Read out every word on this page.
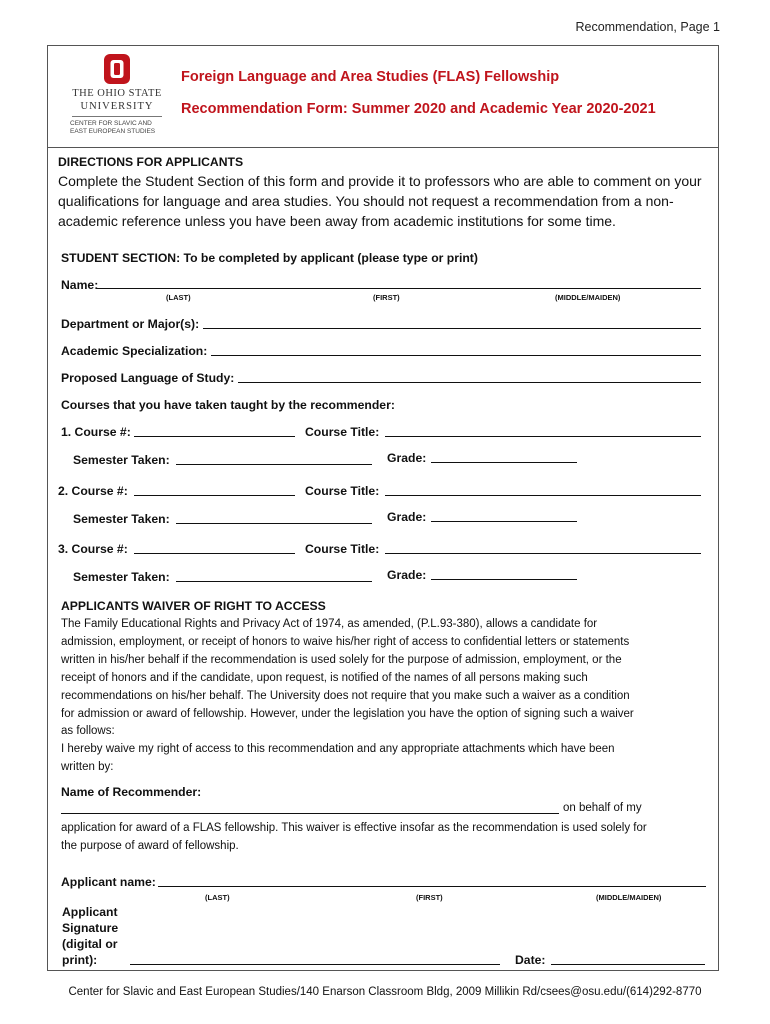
Recommendation, Page 1
THE OHIO STATE
UNIVERSITY
CENTER FOR SLAVIC AND
EAST EUROPEAN STUDIES
Foreign Language and Area Studies (FLAS) Fellowship
Recommendation Form: Summer 2020 and Academic Year 2020-2021
DIRECTIONS FOR APPLICANTS
Complete the Student Section of this form and provide it to professors who are able to comment on your
qualifications for language and area studies. You should not request a recommendation from a non-
academic reference unless you have been away from academic institutions for some time.
STUDENT SECTION: To be completed by applicant (please type or print)
Name:
(LAST)	(FIRST)	(MIDDLE/MAIDEN)
Department or Major(s):
Academic Specialization:
Proposed Language of Study:
Courses that you have taken taught by the recommender:
1. Course #:	Course Title:
Semester Taken:	Grade:
2. Course #:	Course Title:
Semester Taken:	Grade:
3. Course #:	Course Title:
Semester Taken:	Grade:
APPLICANTS WAIVER OF RIGHT TO ACCESS
The Family Educational Rights and Privacy Act of 1974, as amended, (P.L.93-380), allows a candidate for
admission, employment, or receipt of honors to waive his/her right of access to confidential letters or statements
written in his/her behalf if the recommendation is used solely for the purpose of admission, employment, or the
receipt of honors and if the candidate, upon request, is notified of the names of all persons making such
recommendations on his/her behalf. The University does not require that you make such a waiver as a condition
for admission or award of fellowship. However, under the legislation you have the option of signing such a waiver
as follows:
I hereby waive my right of access to this recommendation and any appropriate attachments which have been
written by:
Name of Recommender:
on behalf of my
application for award of a FLAS fellowship. This waiver is effective insofar as the recommendation is used solely for
the purpose of award of fellowship.
Applicant name:
(LAST)	(FIRST)	(MIDDLE/MAIDEN)
Applicant
Signature
(digital or
print):	Date:
Center for Slavic and East European Studies/140 Enarson Classroom Bldg, 2009 Millikin Rd/csees@osu.edu/(614)292-8770
